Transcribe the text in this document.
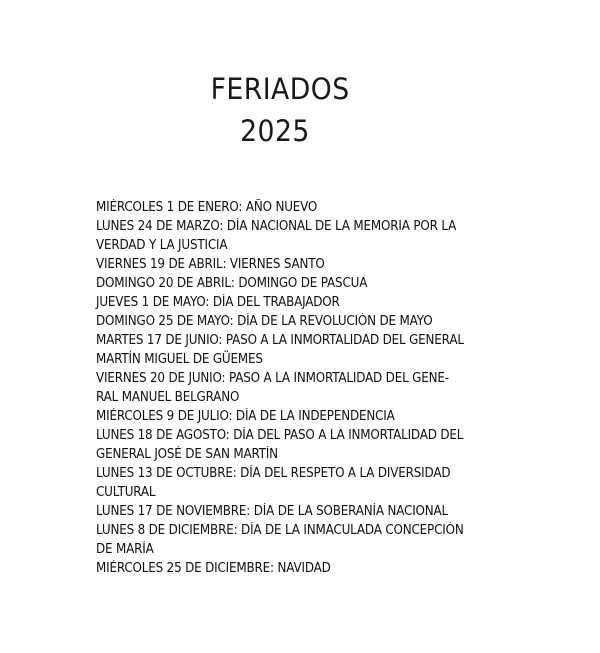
FERIADOS
2025
MIÉRCOLES 1 DE ENERO: AÑO NUEVO
LUNES 24 DE MARZO: DÍA NACIONAL DE LA MEMORIA POR LA
VERDAD Y LA JUSTICIA
VIERNES 19 DE ABRIL: VIERNES SANTO
DOMINGO 20 DE ABRIL: DOMINGO DE PASCUA
JUEVES 1 DE MAYO: DÍA DEL TRABAJADOR
DOMINGO 25 DE MAYO: DÍA DE LA REVOLUCIÓN DE MAYO
MARTES 17 DE JUNIO: PASO A LA INMORTALIDAD DEL GENERAL
MARTÍN MIGUEL DE GÜEMES
VIERNES 20 DE JUNIO: PASO A LA INMORTALIDAD DEL GENE-
RAL MANUEL BELGRANO
MIÉRCOLES 9 DE JULIO: DÍA DE LA INDEPENDENCIA
LUNES 18 DE AGOSTO: DÍA DEL PASO A LA INMORTALIDAD DEL
GENERAL JOSÉ DE SAN MARTÍN
LUNES 13 DE OCTUBRE: DÍA DEL RESPETO A LA DIVERSIDAD
CULTURAL
LUNES 17 DE NOVIEMBRE: DÍA DE LA SOBERANÍA NACIONAL
LUNES 8 DE DICIEMBRE: DÍA DE LA INMACULADA CONCEPCIÓN
DE MARÍA
MIÉRCOLES 25 DE DICIEMBRE: NAVIDAD
